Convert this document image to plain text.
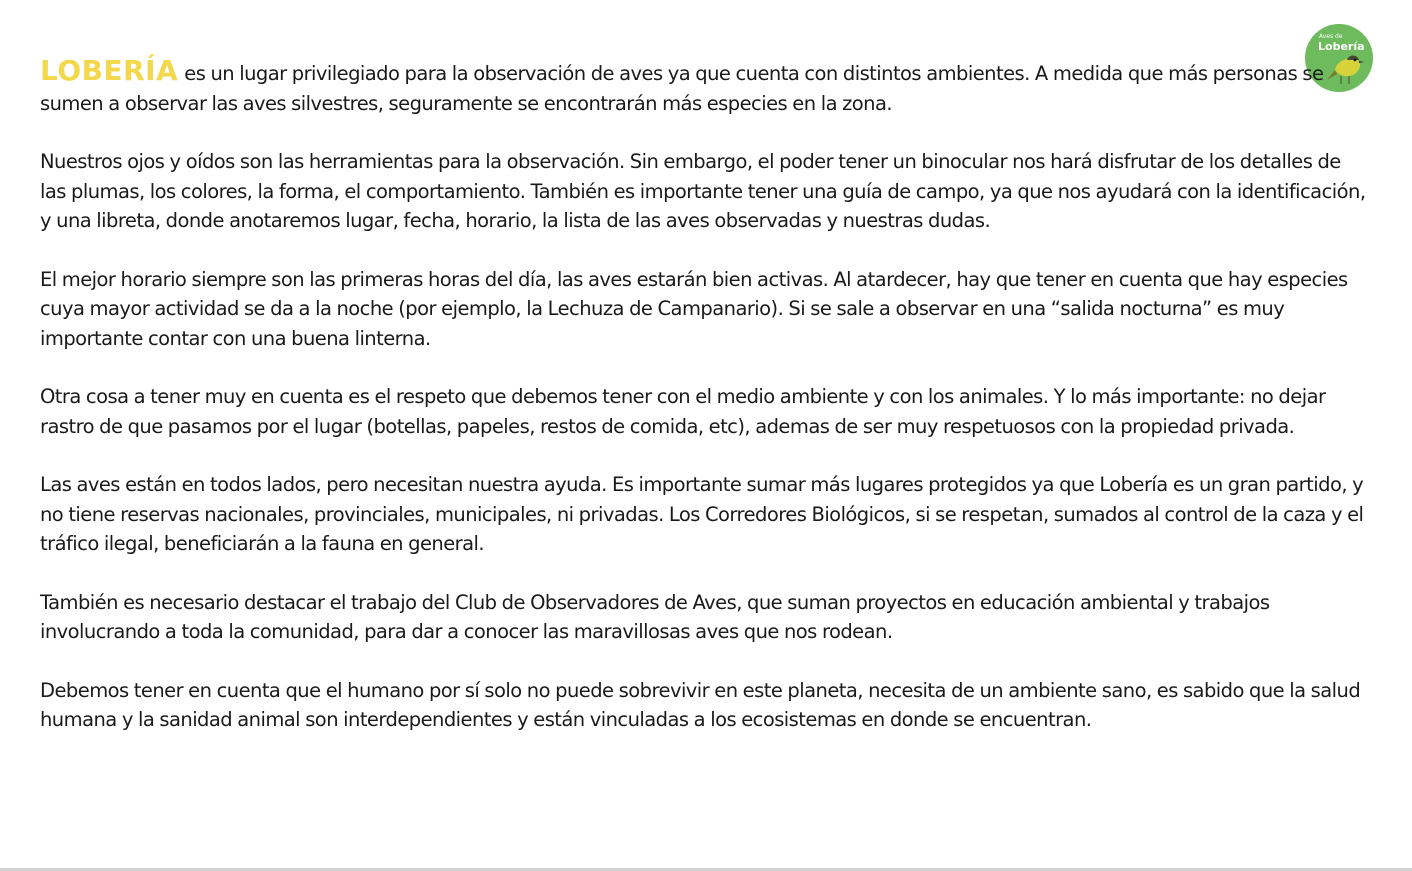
Aves de
Lobería

LOBERÍA es un lugar privilegiado para la observación de aves ya que cuenta con distintos ambientes. A medida que más personas se sumen a observar las aves silvestres, seguramente se encontrarán más especies en la zona.

Nuestros ojos y oídos son las herramientas para la observación. Sin embargo, el poder tener un binocular nos hará disfrutar de los detalles de las plumas, los colores, la forma, el comportamiento. También es importante tener una guía de campo, ya que nos ayudará con la identificación, y una libreta, donde anotaremos lugar, fecha, horario, la lista de las aves observadas y nuestras dudas.

El mejor horario siempre son las primeras horas del día, las aves estarán bien activas. Al atardecer, hay que tener en cuenta que hay especies cuya mayor actividad se da a la noche (por ejemplo, la Lechuza de Campanario). Si se sale a observar en una “salida nocturna” es muy importante contar con una buena linterna.

Otra cosa a tener muy en cuenta es el respeto que debemos tener con el medio ambiente y con los animales. Y lo más importante: no dejar rastro de que pasamos por el lugar (botellas, papeles, restos de comida, etc), ademas de ser muy respetuosos con la propiedad privada.

Las aves están en todos lados, pero necesitan nuestra ayuda. Es importante sumar más lugares protegidos ya que Lobería es un gran partido, y no tiene reservas nacionales, provinciales, municipales, ni privadas. Los Corredores Biológicos, si se respetan, sumados al control de la caza y el tráfico ilegal, beneficiarán a la fauna en general.

También es necesario destacar el trabajo del Club de Observadores de Aves, que suman proyectos en educación ambiental y trabajos involucrando a toda la comunidad, para dar a conocer las maravillosas aves que nos rodean.

Debemos tener en cuenta que el humano por sí solo no puede sobrevivir en este planeta, necesita de un ambiente sano, es sabido que la salud humana y la sanidad animal son interdependientes y están vinculadas a los ecosistemas en donde se encuentran.
